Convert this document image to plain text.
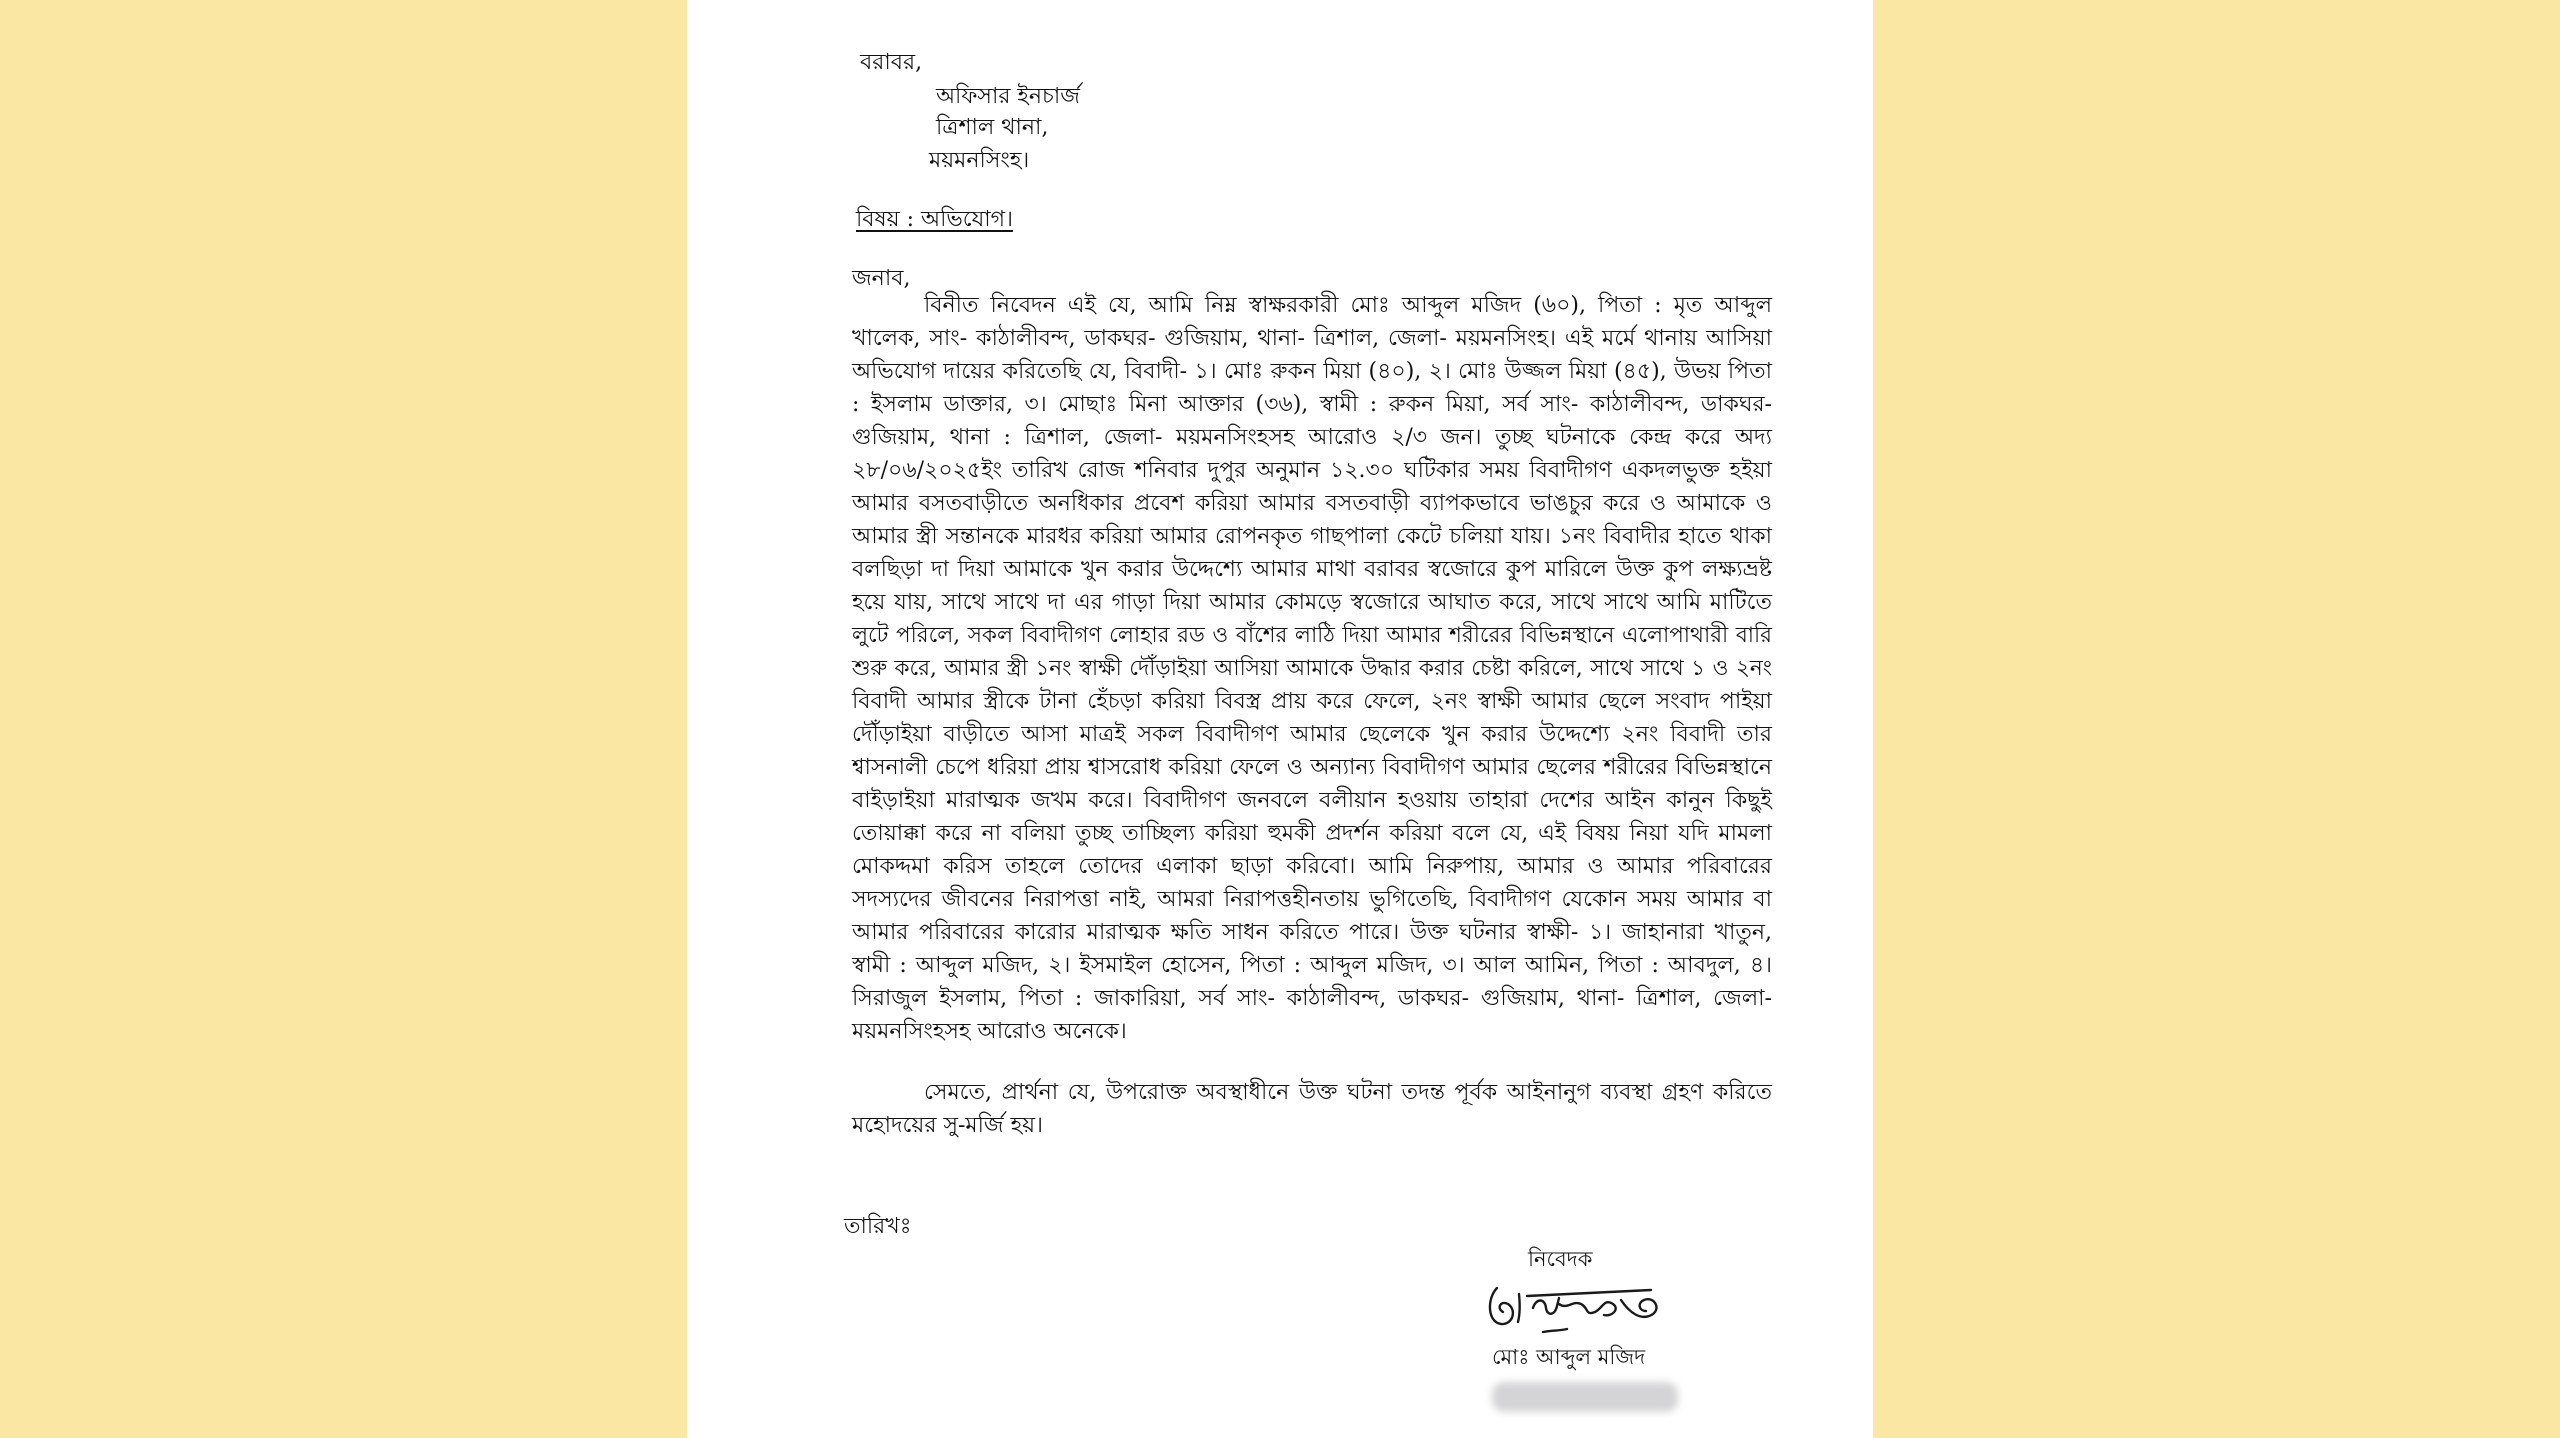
বরাবর,
অফিসার ইনচার্জ
ত্রিশাল থানা,
ময়মনসিংহ।
বিষয় : অভিযোগ।
জনাব,
বিনীত নিবেদন এই যে, আমি নিম্ন স্বাক্ষরকারী মোঃ আব্দুল মজিদ (৬০), পিতা : মৃত আব্দুল
খালেক, সাং- কাঠালীবন্দ, ডাকঘর- গুজিয়াম, থানা- ত্রিশাল, জেলা- ময়মনসিংহ। এই মর্মে থানায় আসিয়া
অভিযোগ দায়ের করিতেছি যে, বিবাদী- ১। মোঃ রুকন মিয়া (৪০), ২। মোঃ উজ্জল মিয়া (৪৫), উভয় পিতা
: ইসলাম ডাক্তার, ৩। মোছাঃ মিনা আক্তার (৩৬), স্বামী : রুকন মিয়া, সর্ব সাং- কাঠালীবন্দ, ডাকঘর-
গুজিয়াম, থানা : ত্রিশাল, জেলা- ময়মনসিংহসহ আরোও ২/৩ জন। তুচ্ছ ঘটনাকে কেন্দ্র করে অদ্য
২৮/০৬/২০২৫ইং তারিখ রোজ শনিবার দুপুর অনুমান ১২.৩০ ঘটিকার সময় বিবাদীগণ একদলভুক্ত হইয়া
আমার বসতবাড়ীতে অনধিকার প্রবেশ করিয়া আমার বসতবাড়ী ব্যাপকভাবে ভাঙচুর করে ও আমাকে ও
আমার স্ত্রী সন্তানকে মারধর করিয়া আমার রোপনকৃত গাছপালা কেটে চলিয়া যায়। ১নং বিবাদীর হাতে থাকা
বলছিড়া দা দিয়া আমাকে খুন করার উদ্দেশ্যে আমার মাথা বরাবর স্বজোরে কুপ মারিলে উক্ত কুপ লক্ষ্যভ্রষ্ট
হয়ে যায়, সাথে সাথে দা এর গাড়া দিয়া আমার কোমড়ে স্বজোরে আঘাত করে, সাথে সাথে আমি মাটিতে
লুটে পরিলে, সকল বিবাদীগণ লোহার রড ও বাঁশের লাঠি দিয়া আমার শরীরের বিভিন্নস্থানে এলোপাথারী বারি
শুরু করে, আমার স্ত্রী ১নং স্বাক্ষী দৌঁড়াইয়া আসিয়া আমাকে উদ্ধার করার চেষ্টা করিলে, সাথে সাথে ১ ও ২নং
বিবাদী আমার স্ত্রীকে টানা হেঁচড়া করিয়া বিবস্ত্র প্রায় করে ফেলে, ২নং স্বাক্ষী আমার ছেলে সংবাদ পাইয়া
দৌঁড়াইয়া বাড়ীতে আসা মাত্রই সকল বিবাদীগণ আমার ছেলেকে খুন করার উদ্দেশ্যে ২নং বিবাদী তার
শ্বাসনালী চেপে ধরিয়া প্রায় শ্বাসরোধ করিয়া ফেলে ও অন্যান্য বিবাদীগণ আমার ছেলের শরীরের বিভিন্নস্থানে
বাইড়াইয়া মারাত্মক জখম করে। বিবাদীগণ জনবলে বলীয়ান হওয়ায় তাহারা দেশের আইন কানুন কিছুই
তোয়াক্কা করে না বলিয়া তুচ্ছ তাচ্ছিল্য করিয়া হুমকী প্রদর্শন করিয়া বলে যে, এই বিষয় নিয়া যদি মামলা
মোকদ্দমা করিস তাহলে তোদের এলাকা ছাড়া করিবো। আমি নিরুপায়, আমার ও আমার পরিবারের
সদস্যদের জীবনের নিরাপত্তা নাই, আমরা নিরাপত্তহীনতায় ভুগিতেছি, বিবাদীগণ যেকোন সময় আমার বা
আমার পরিবারের কারোর মারাত্মক ক্ষতি সাধন করিতে পারে। উক্ত ঘটনার স্বাক্ষী- ১। জাহানারা খাতুন,
স্বামী : আব্দুল মজিদ, ২। ইসমাইল হোসেন, পিতা : আব্দুল মজিদ, ৩। আল আমিন, পিতা : আবদুল, ৪।
সিরাজুল ইসলাম, পিতা : জাকারিয়া, সর্ব সাং- কাঠালীবন্দ, ডাকঘর- গুজিয়াম, থানা- ত্রিশাল, জেলা-
ময়মনসিংহসহ আরোও অনেকে।
সেমতে, প্রার্থনা যে, উপরোক্ত অবস্থাধীনে উক্ত ঘটনা তদন্ত পূর্বক আইনানুগ ব্যবস্থা গ্রহণ করিতে
মহোদয়ের সু-মর্জি হয়।
তারিখঃ
নিবেদক
মোঃ আব্দুল মজিদ
